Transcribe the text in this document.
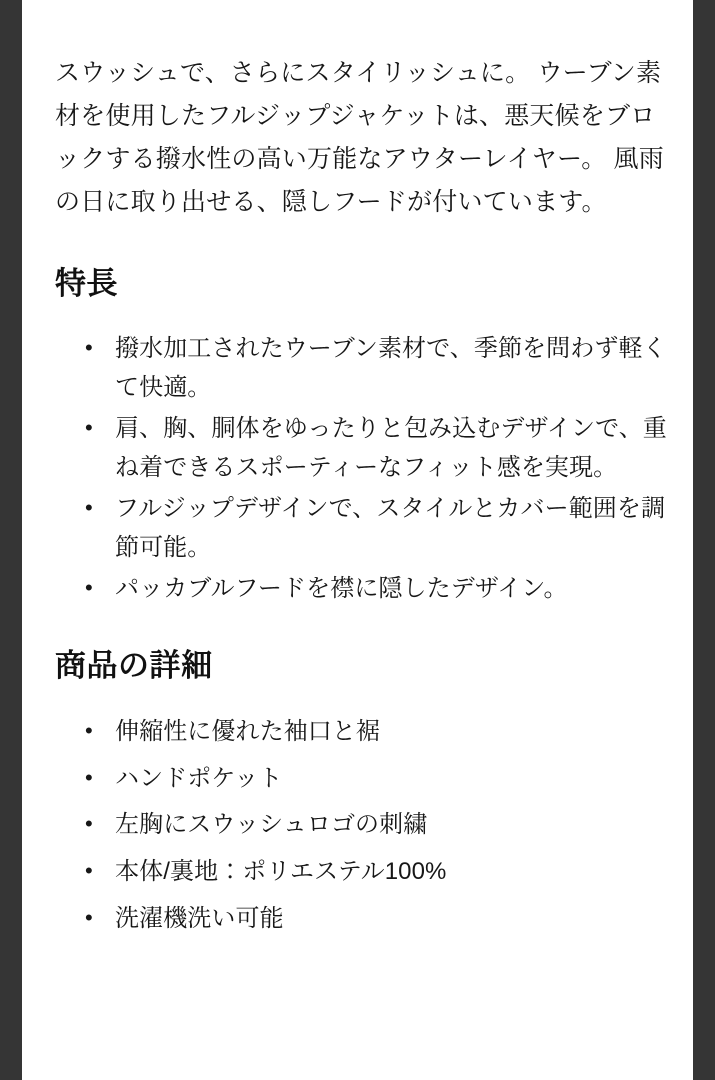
スウッシュで、さらにスタイリッシュに。 ウーブン素材を使用したフルジップジャケットは、悪天候をブロックする撥水性の高い万能なアウターレイヤー。 風雨の日に取り出せる、隠しフードが付いています。

特長
• 撥水加工されたウーブン素材で、季節を問わず軽くて快適。
• 肩、胸、胴体をゆったりと包み込むデザインで、重ね着できるスポーティーなフィット感を実現。
• フルジップデザインで、スタイルとカバー範囲を調節可能。
• パッカブルフードを襟に隠したデザイン。
商品の詳細
• 伸縮性に優れた袖口と裾
• ハンドポケット
• 左胸にスウッシュロゴの刺繍
• 本体/裏地：ポリエステル100%
• 洗濯機洗い可能
